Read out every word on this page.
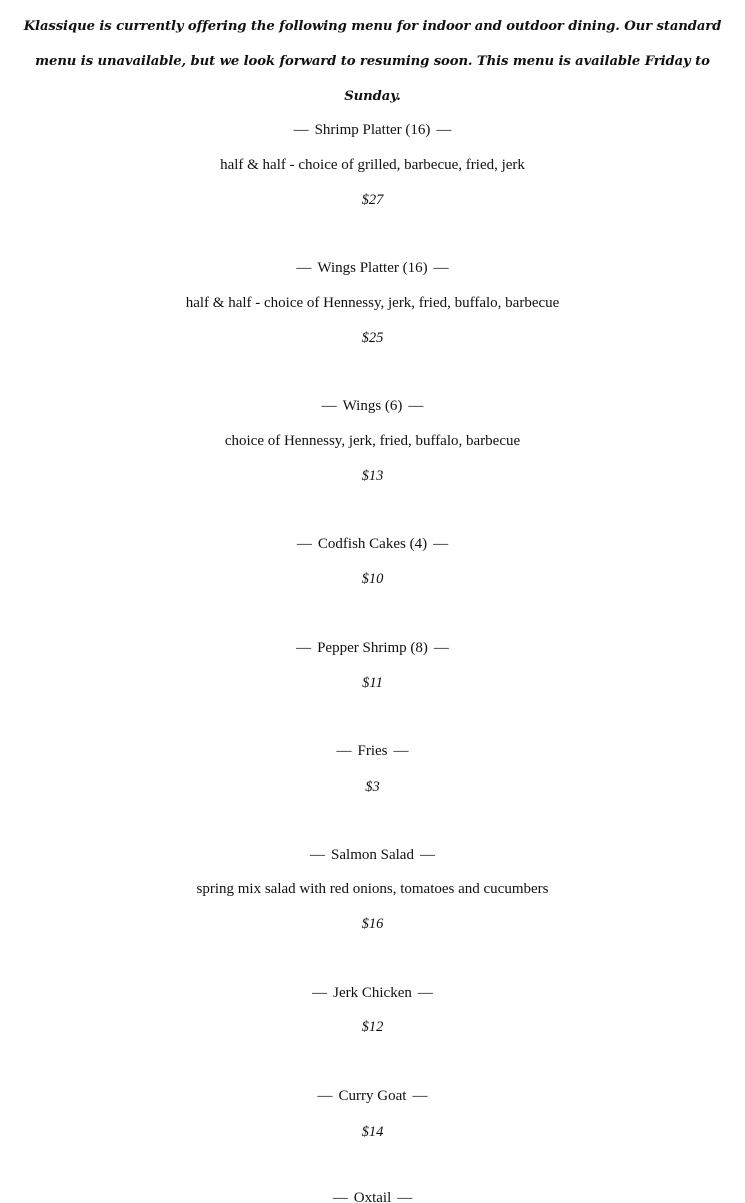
Klassique is currently offering the following menu for indoor and outdoor dining. Our standard menu is unavailable, but we look forward to resuming soon. This menu is available Friday to Sunday.

— Shrimp Platter (16) —
half & half - choice of grilled, barbecue, fried, jerk
$27
— Wings Platter (16) —
half & half - choice of Hennessy, jerk, fried, buffalo, barbecue
$25
— Wings (6) —
choice of Hennessy, jerk, fried, buffalo, barbecue
$13
— Codfish Cakes (4) —
$10
— Pepper Shrimp (8) —
$11
— Fries —
$3
— Salmon Salad —
spring mix salad with red onions, tomatoes and cucumbers
$16
— Jerk Chicken —
$12
— Curry Goat —
$14
— Oxtail —
